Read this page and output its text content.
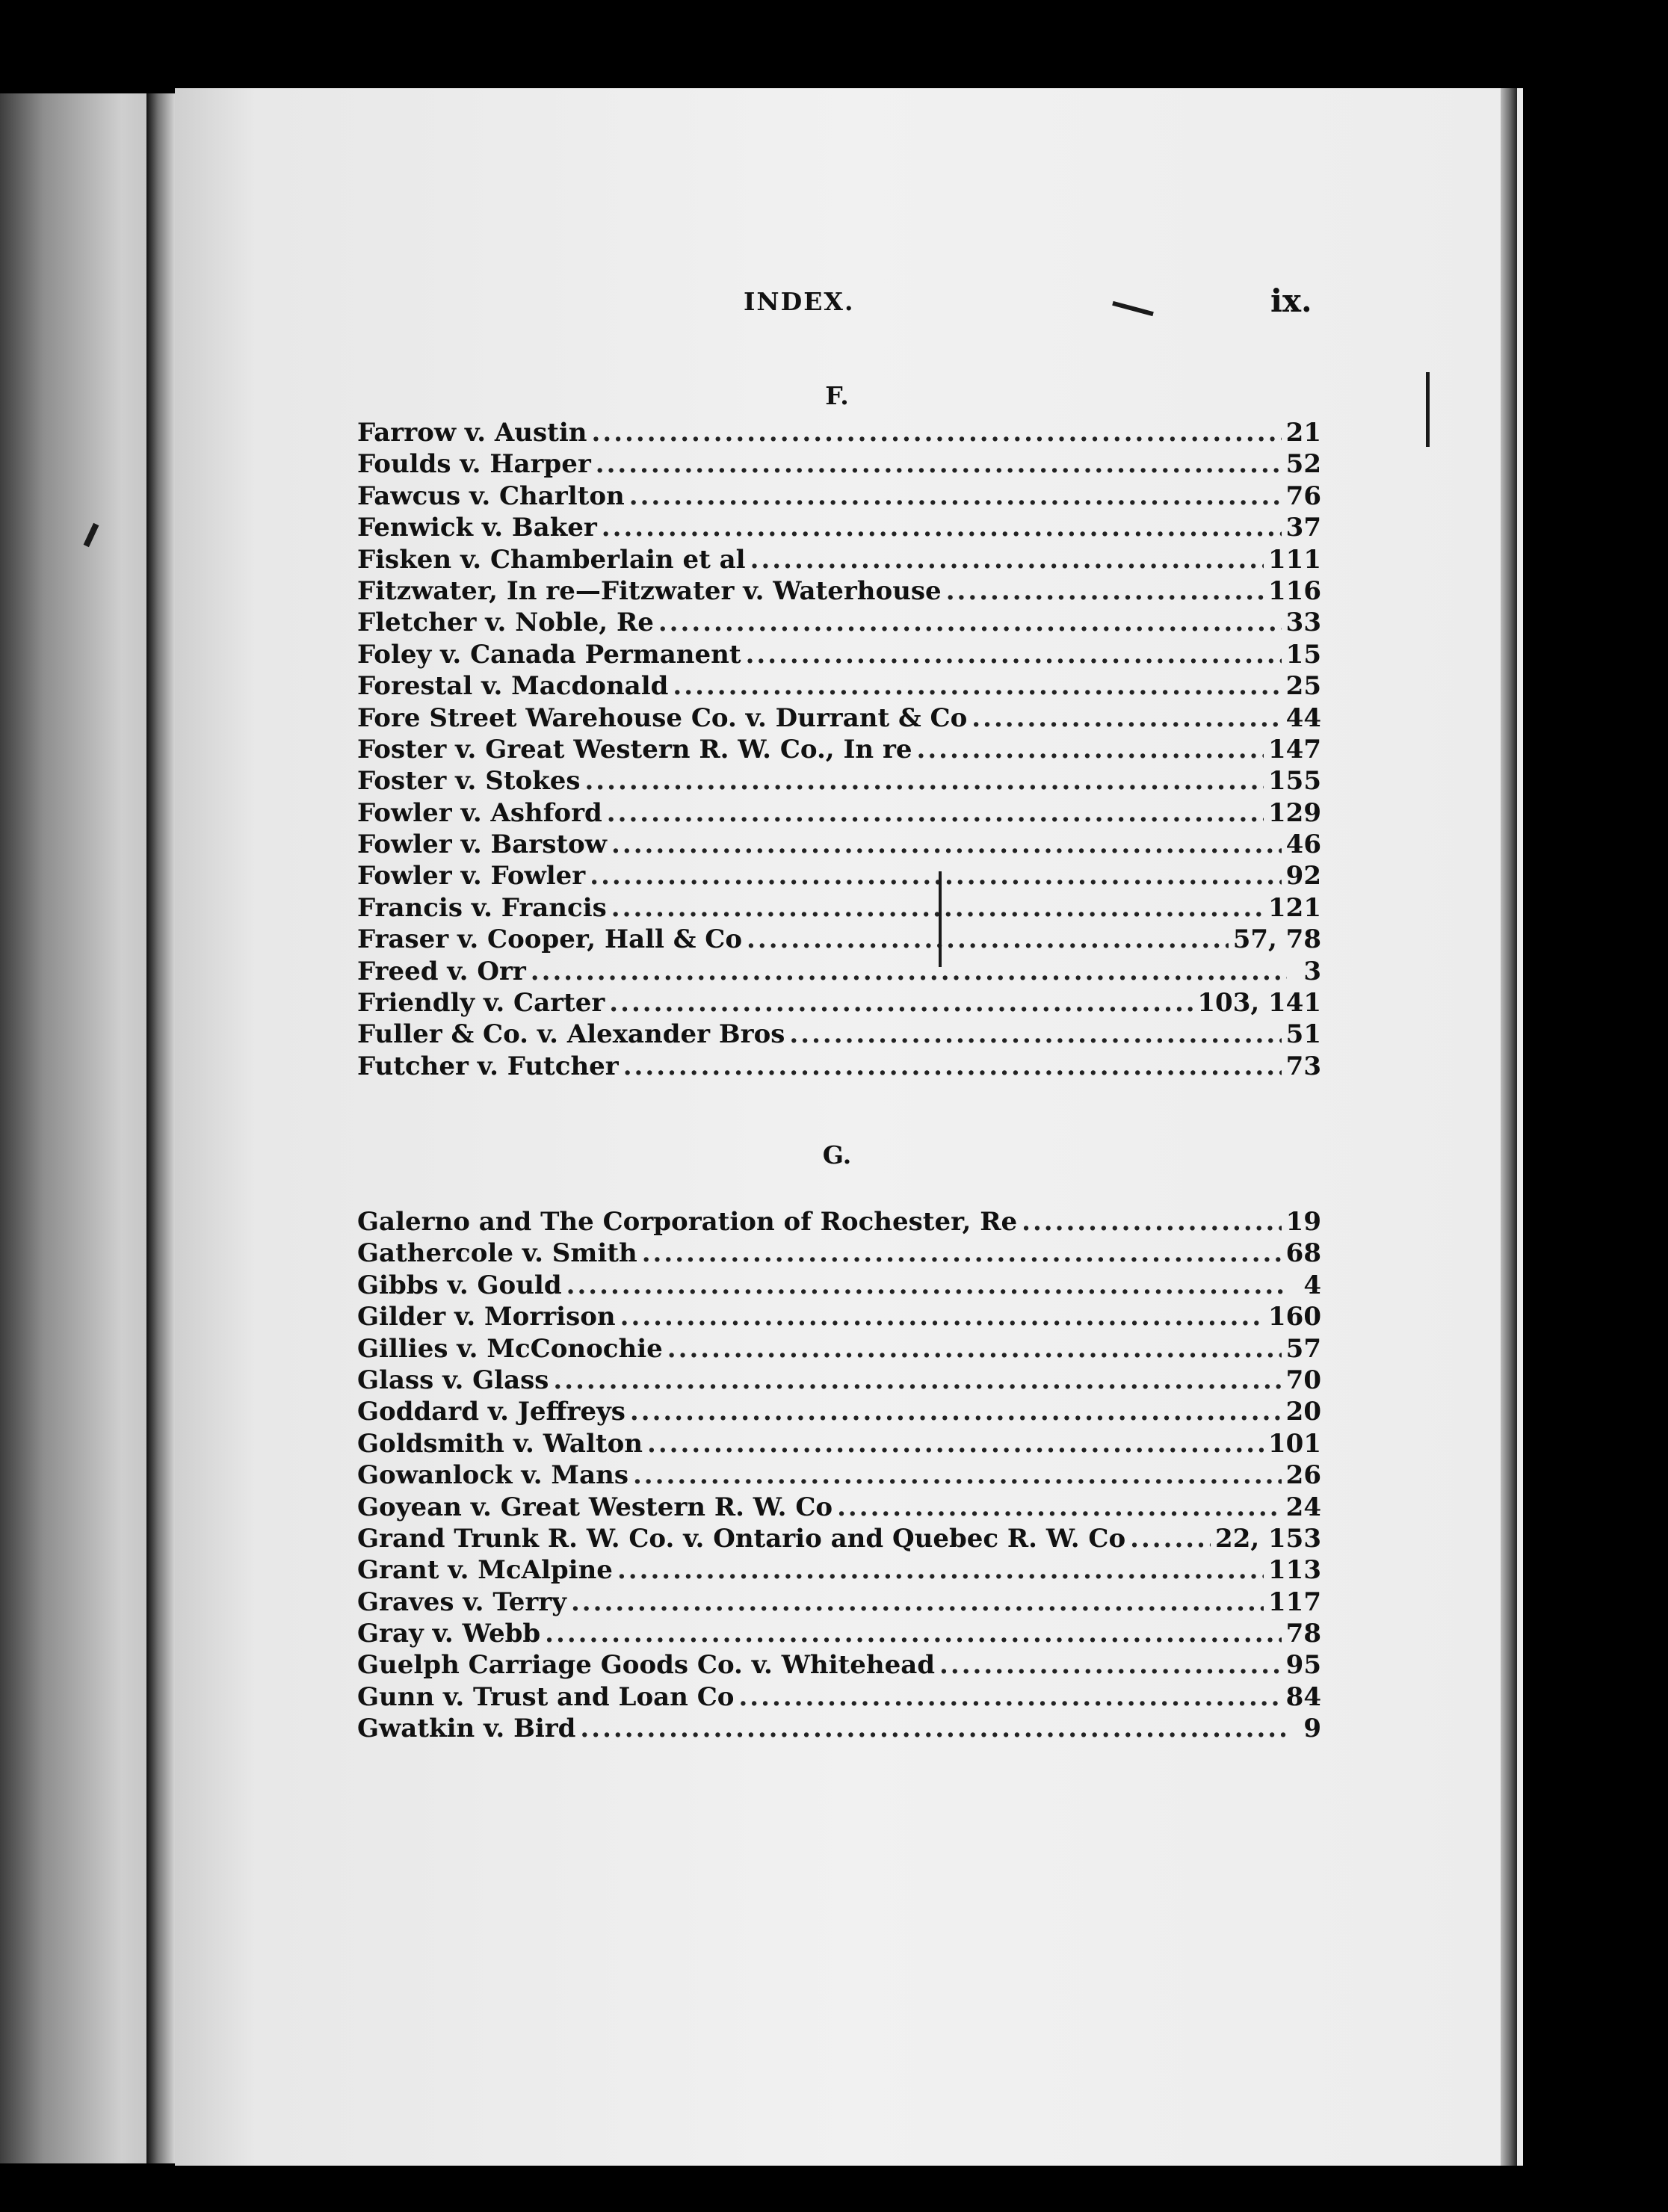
INDEX.	ix.
F.
Farrow v. Austin .....	21
Foulds v. Harper .....	52
Fawcus v. Charlton .....	76
Fenwick v. Baker .....	37
Fisken v. Chamberlain et al .....	111
Fitzwater, In re—Fitzwater v. Waterhouse .....	116
Fletcher v. Noble, Re .....	33
Foley v. Canada Permanent .....	15
Forestal v. Macdonald .....	25
Fore Street Warehouse Co. v. Durrant & Co .....	44
Foster v. Great Western R. W. Co., In re .....	147
Foster v. Stokes .....	155
Fowler v. Ashford .....	129
Fowler v. Barstow .....	46
Fowler v. Fowler .....	92
Francis v. Francis .....	121
Fraser v. Cooper, Hall & Co .....	57, 78
Freed v. Orr .....	3
Friendly v. Carter .....	103, 141
Fuller & Co. v. Alexander Bros .....	51
Futcher v. Futcher .....	73
G.
Galerno and The Corporation of Rochester, Re .....	19
Gathercole v. Smith .....	68
Gibbs v. Gould .....	4
Gilder v. Morrison .....	160
Gillies v. McConochie .....	57
Glass v. Glass .....	70
Goddard v. Jeffreys .....	20
Goldsmith v. Walton .....	101
Gowanlock v. Mans .....	26
Goyean v. Great Western R. W. Co .....	24
Grand Trunk R. W. Co. v. Ontario and Quebec R. W. Co .....	22, 153
Grant v. McAlpine .....	113
Graves v. Terry .....	117
Gray v. Webb .....	78
Guelph Carriage Goods Co. v. Whitehead .....	95
Gunn v. Trust and Loan Co .....	84
Gwatkin v. Bird .....	9
